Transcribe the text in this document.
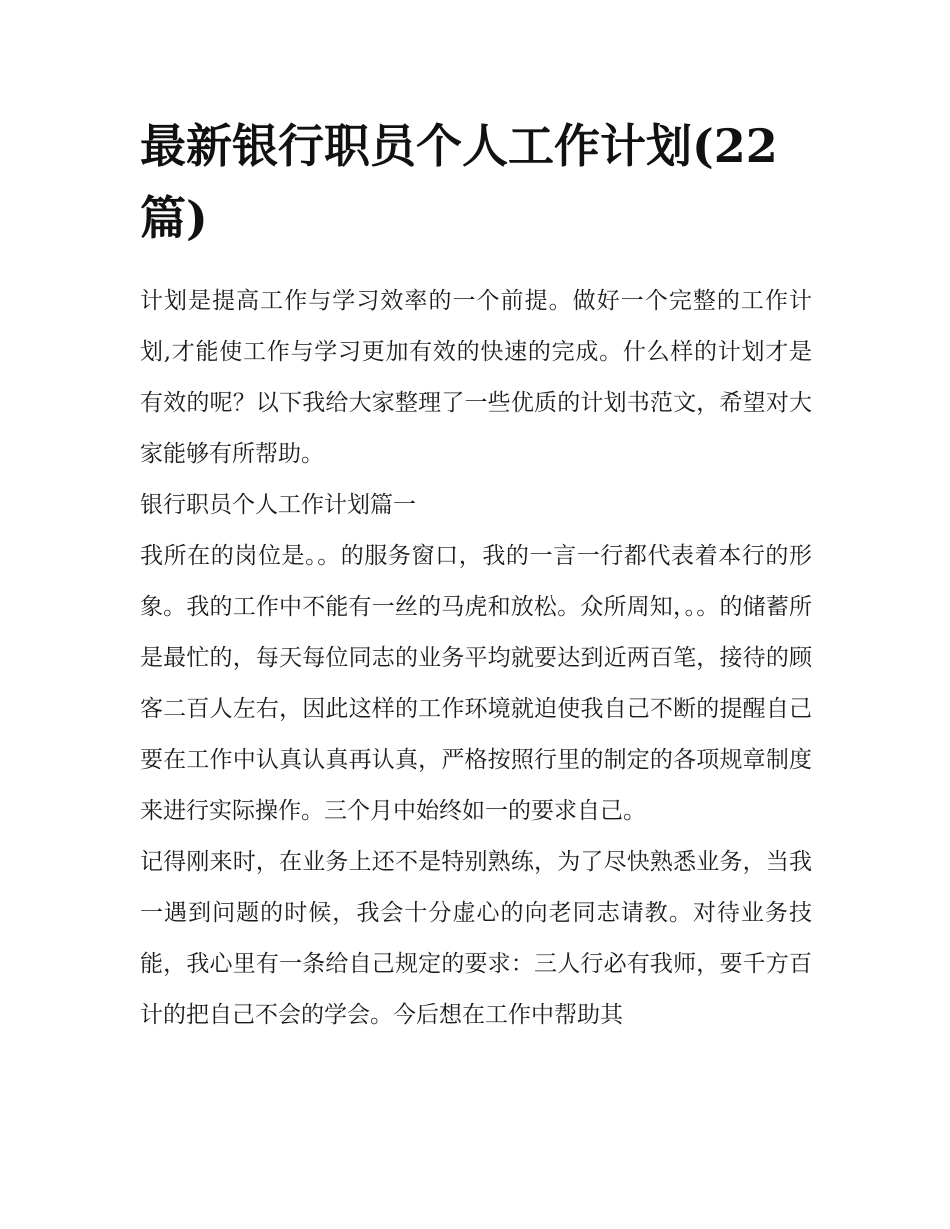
最新银行职员个人工作计划(22篇)

计划是提高工作与学习效率的一个前提。做好一个完整的工作计划,才能使工作与学习更加有效的快速的完成。什么样的计划才是有效的呢？以下我给大家整理了一些优质的计划书范文，希望对大家能够有所帮助。

银行职员个人工作计划篇一

我所在的岗位是。。的服务窗口，我的一言一行都代表着本行的形象。我的工作中不能有一丝的马虎和放松。众所周知，。。的储蓄所是最忙的，每天每位同志的业务平均就要达到近两百笔，接待的顾客二百人左右，因此这样的工作环境就迫使我自己不断的提醒自己要在工作中认真认真再认真，严格按照行里的制定的各项规章制度来进行实际操作。三个月中始终如一的要求自己。

记得刚来时，在业务上还不是特别熟练，为了尽快熟悉业务，当我一遇到问题的时候，我会十分虚心的向老同志请教。对待业务技能，我心里有一条给自己规定的要求：三人行必有我师，要千方百计的把自己不会的学会。今后想在工作中帮助其
